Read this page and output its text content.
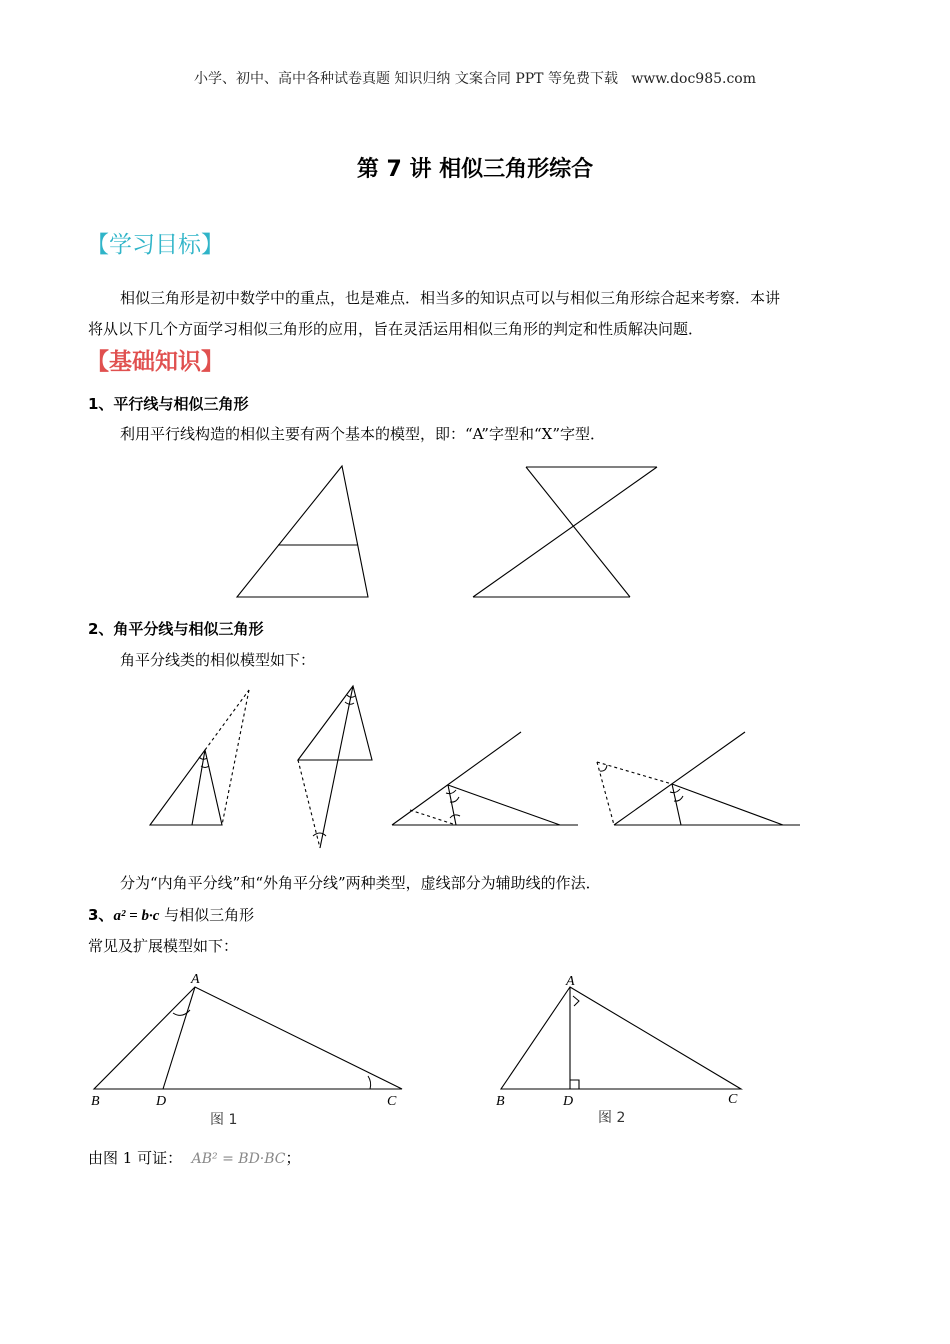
小学、初中、高中各种试卷真题 知识归纳 文案合同 PPT 等免费下载 www.doc985.com
第 7 讲 相似三角形综合
【学习目标】
相似三角形是初中数学中的重点，也是难点．相当多的知识点可以与相似三角形综合起来考察．本讲
将从以下几个方面学习相似三角形的应用，旨在灵活运用相似三角形的判定和性质解决问题．
【基础知识】
1、平行线与相似三角形
利用平行线构造的相似主要有两个基本的模型，即：“A”字型和“X”字型．
2、角平分线与相似三角形
角平分线类的相似模型如下：
分为“内角平分线”和“外角平分线”两种类型，虚线部分为辅助线的作法．
3、a² = b·c 与相似三角形
常见及扩展模型如下：
A
B	D	C
图 1
A
B	D	C
图 2
由图 1 可证： AB² = BD·BC；
